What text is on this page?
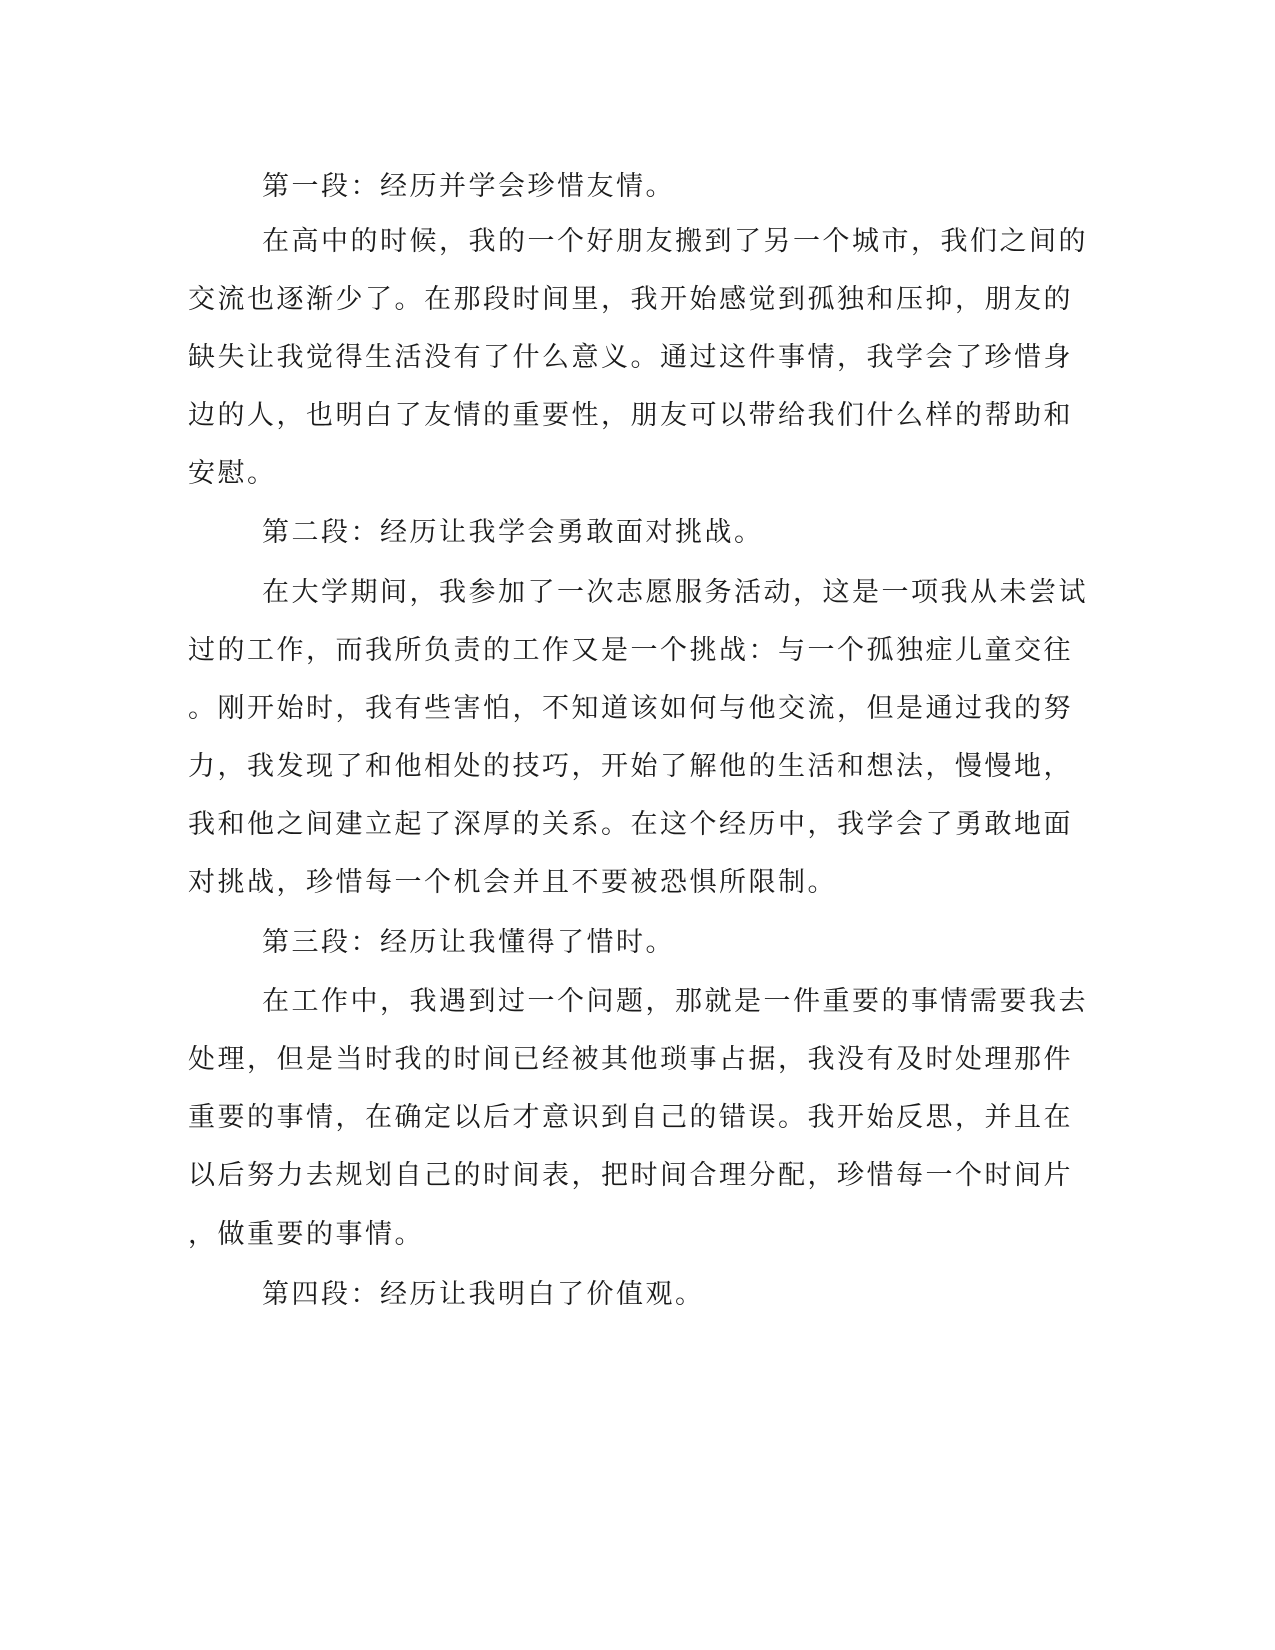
第一段：经历并学会珍惜友情。
在高中的时候，我的一个好朋友搬到了另一个城市，我们之间的
交流也逐渐少了。在那段时间里，我开始感觉到孤独和压抑，朋友的
缺失让我觉得生活没有了什么意义。通过这件事情，我学会了珍惜身
边的人，也明白了友情的重要性，朋友可以带给我们什么样的帮助和
安慰。
第二段：经历让我学会勇敢面对挑战。
在大学期间，我参加了一次志愿服务活动，这是一项我从未尝试
过的工作，而我所负责的工作又是一个挑战：与一个孤独症儿童交往
。刚开始时，我有些害怕，不知道该如何与他交流，但是通过我的努
力，我发现了和他相处的技巧，开始了解他的生活和想法，慢慢地，
我和他之间建立起了深厚的关系。在这个经历中，我学会了勇敢地面
对挑战，珍惜每一个机会并且不要被恐惧所限制。
第三段：经历让我懂得了惜时。
在工作中，我遇到过一个问题，那就是一件重要的事情需要我去
处理，但是当时我的时间已经被其他琐事占据，我没有及时处理那件
重要的事情，在确定以后才意识到自己的错误。我开始反思，并且在
以后努力去规划自己的时间表，把时间合理分配，珍惜每一个时间片
，做重要的事情。
第四段：经历让我明白了价值观。
